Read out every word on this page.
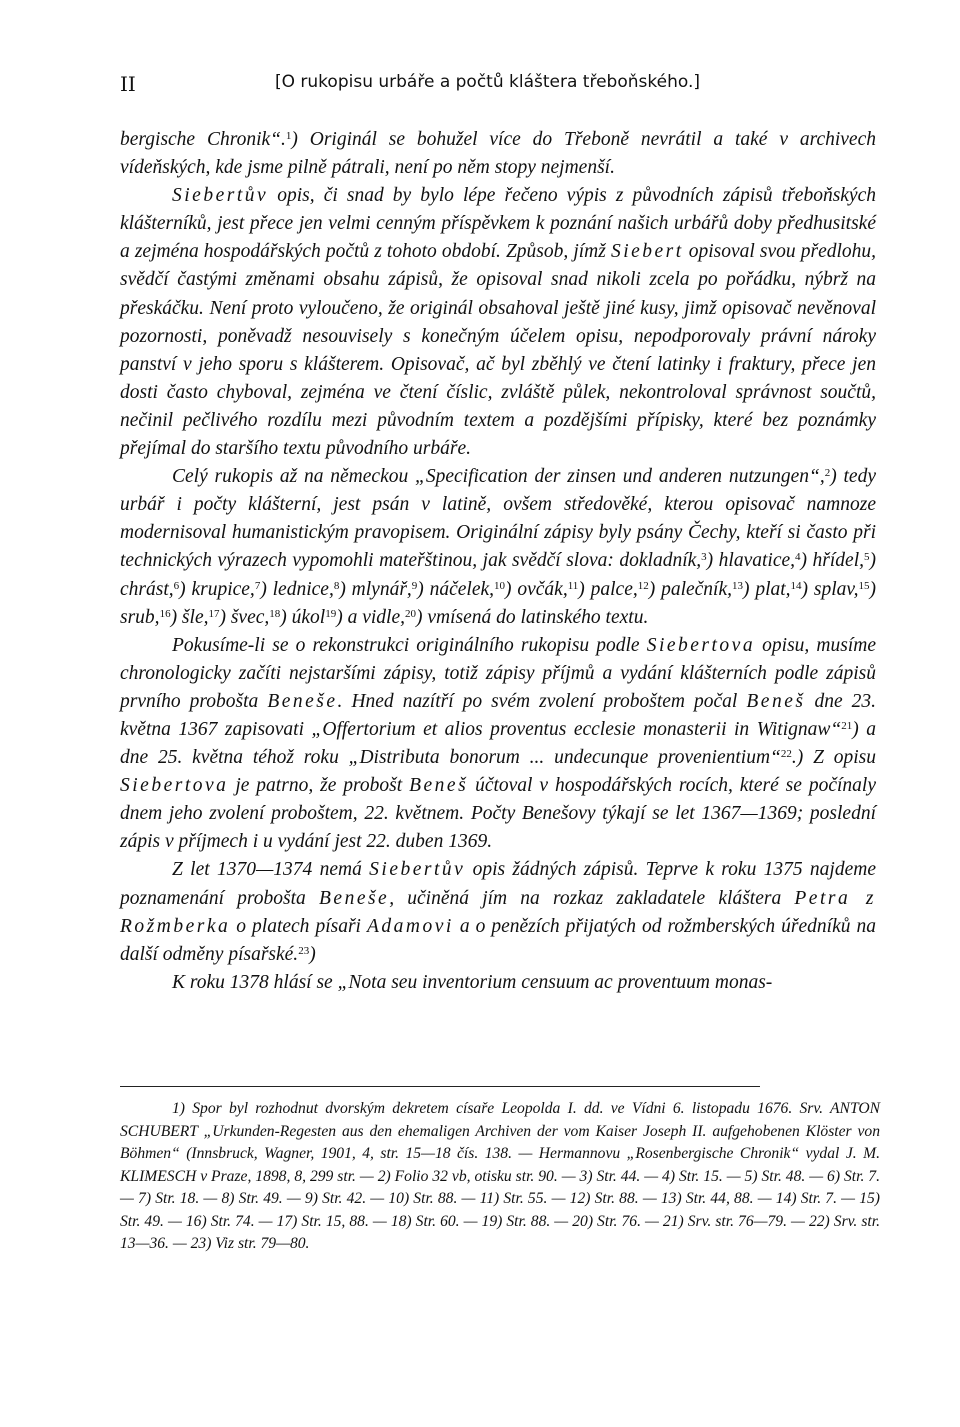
II	[O rukopisu urbáře a počtů kláštera třeboňského.]

bergische Chronik“.$^1$) Originál se bohužel více do Třeboně nevrátil a také v archivech vídeňských, kde jsme pilně pátrali, není po něm stopy nejmenší.

Siebertův opis, či snad by bylo lépe řečeno výpis z původních zápisů třeboňských klášterníků, jest přece jen velmi cenným příspěvkem k poznání našich urbářů doby předhusitské a zejména hospodářských počtů z tohoto období. Způsob, jímž Siebert opisoval svou předlohu, svědčí častými změnami obsahu zápisů, že opisoval snad nikoli zcela po pořádku, nýbrž na přeskáčku. Není proto vyloučeno, že originál obsahoval ještě jiné kusy, jimž opisovač nevěnoval pozornosti, poněvadž nesouvisely s konečným účelem opisu, nepodporovaly právní nároky panství v jeho sporu s klášterem. Opisovač, ač byl zběhlý ve čtení latinky i fraktury, přece jen dosti často chyboval, zejména ve čtení číslic, zvláště půlek, nekontroloval správnost součtů, nečinil pečlivého rozdílu mezi původním textem a pozdějšími přípisky, které bez poznámky přejímal do staršího textu původního urbáře.

Celý rukopis až na německou „Specification der zinsen und anderen nutzungen“,$^2$) tedy urbář i počty klášterní, jest psán v latině, ovšem středověké, kterou opisovač namnoze modernisoval humanistickým pravopisem. Originální zápisy byly psány Čechy, kteří si často při technických výrazech vypomohli mateřštinou, jak svědčí slova: dokladník,$^3$) hlavatice,$^4$) hřídel,$^5$) chrást,$^6$) krupice,$^7$) lednice,$^8$) mlynář,$^9$) náčelek,$^{10}$) ovčák,$^{11}$) palce,$^{12}$) palečník,$^{13}$) plat,$^{14}$) splav,$^{15}$) srub,$^{16}$) šle,$^{17}$) švec,$^{18}$) úkol$^{19}$) a vidle,$^{20}$) vmísená do latinského textu.

Pokusíme-li se o rekonstrukci originálního rukopisu podle Siebertova opisu, musíme chronologicky začíti nejstaršími zápisy, totiž zápisy příjmů a vydání klášterních podle zápisů prvního proboštа Beneše. Hned nazítří po svém zvolení proboštem počal Beneš dne 23. května 1367 zapisovati „Offertorium et alios proventus ecclesie monasterii in Witignaw“$^{21}$) a dne 25. května téhož roku „Distributa bonorum ... undecunque provenientium“$^{22}$.) Z opisu Siebertova je patrno, že probošt Beneš účtoval v hospodářských rocích, které se počínaly dnem jeho zvolení proboštem, 22. květnem. Počty Benešovy týkají se let 1367—1369; poslední zápis v příjmech i u vydání jest 22. duben 1369.

Z let 1370—1374 nemá Siebertův opis žádných zápisů. Teprve k roku 1375 najdeme poznamenání proboštа Beneše, učiněná jím na rozkaz zakladatele kláštera Petra z Rožmberka o platech písaři Adamovi a o penězích přijatých od rožmberských úředníků na další odměny písařské.$^{23}$)

K roku 1378 hlásí se „Nota seu inventorium censuum ac proventuum monas-

1) Spor byl rozhodnut dvorským dekretem císaře Leopolda I. dd. ve Vídni 6. listopadu 1676. Srv. ANTON SCHUBERT „Urkunden-Regesten aus den ehemaligen Archiven der vom Kaiser Joseph II. aufgehobenen Klöster von Böhmen“ (Innsbruck, Wagner, 1901, 4, str. 15—18 čís. 138. — Hermannovu „Rosenbergische Chronik“ vydal J. M. KLIMESCH v Praze, 1898, 8, 299 str. — 2) Folio 32 vb, otisku str. 90. — 3) Str. 44. — 4) Str. 15. — 5) Str. 48. — 6) Str. 7. — 7) Str. 18. — 8) Str. 49. — 9) Str. 42. — 10) Str. 88. — 11) Str. 55. — 12) Str. 88. — 13) Str. 44, 88. — 14) Str. 7. — 15) Str. 49. — 16) Str. 74. — 17) Str. 15, 88. — 18) Str. 60. — 19) Str. 88. — 20) Str. 76. — 21) Srv. str. 76—79. — 22) Srv. str. 13—36. — 23) Viz str. 79—80.
